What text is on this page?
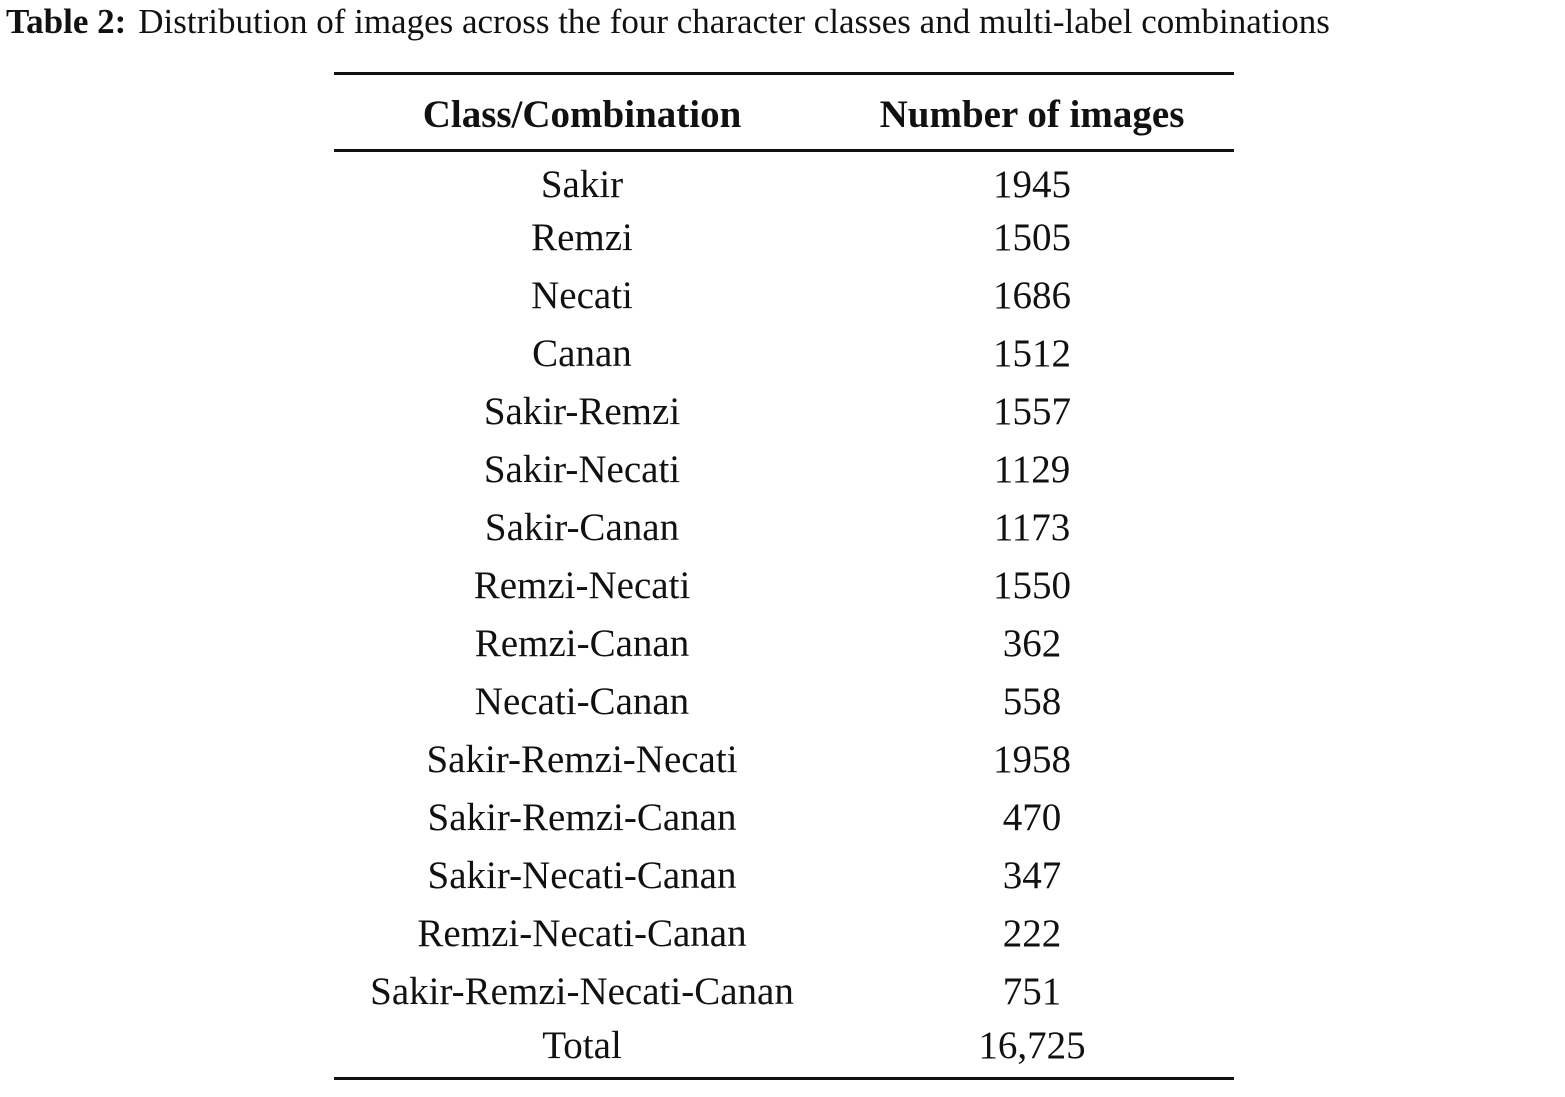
Table 2: Distribution of images across the four character classes and multi-label combinations
Class/Combination	Number of images
Sakir	1945
Remzi	1505
Necati	1686
Canan	1512
Sakir-Remzi	1557
Sakir-Necati	1129
Sakir-Canan	1173
Remzi-Necati	1550
Remzi-Canan	362
Necati-Canan	558
Sakir-Remzi-Necati	1958
Sakir-Remzi-Canan	470
Sakir-Necati-Canan	347
Remzi-Necati-Canan	222
Sakir-Remzi-Necati-Canan	751
Total	16,725
